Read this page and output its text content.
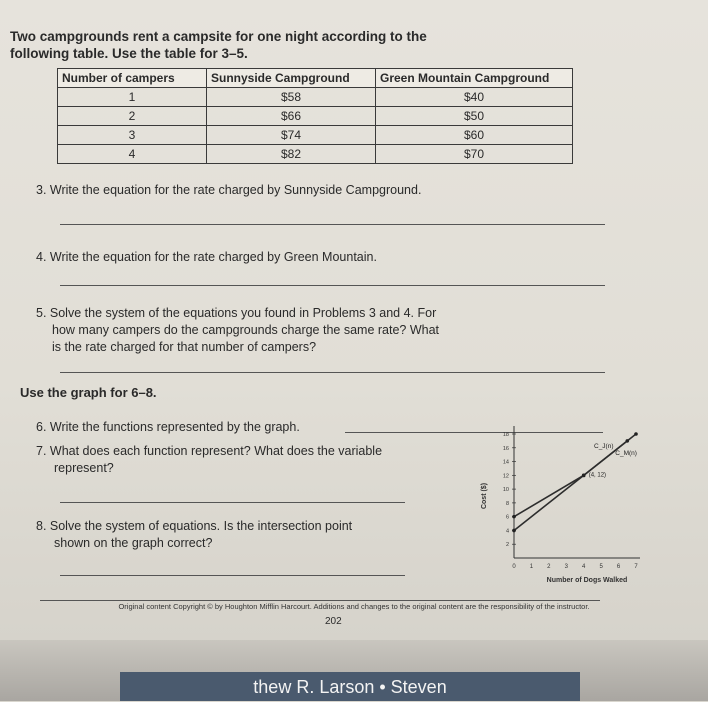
Two campgrounds rent a campsite for one night according to the
following table. Use the table for 3–5.
Number of campers	Sunnyside Campground	Green Mountain Campground
1	$58	$40
2	$66	$50
3	$74	$60
4	$82	$70
3. Write the equation for the rate charged by Sunnyside Campground.
4. Write the equation for the rate charged by Green Mountain.
5. Solve the system of the equations you found in Problems 3 and 4. For
how many campers do the campgrounds charge the same rate? What
is the rate charged for that number of campers?
Use the graph for 6–8.
6. Write the functions represented by the graph.
7. What does each function represent? What does the variable
represent?
8. Solve the system of equations. Is the intersection point
shown on the graph correct?
0 1 2 3 4 5 6 7
2
4
6
8
10
12
14
16
18
C_J(n)
C_M(n)
(4, 12)
Number of Dogs Walked
Cost ($)
Original content Copyright © by Houghton Mifflin Harcourt. Additions and changes to the original content are the responsibility of the instructor.
202
thew R. Larson • Steven
